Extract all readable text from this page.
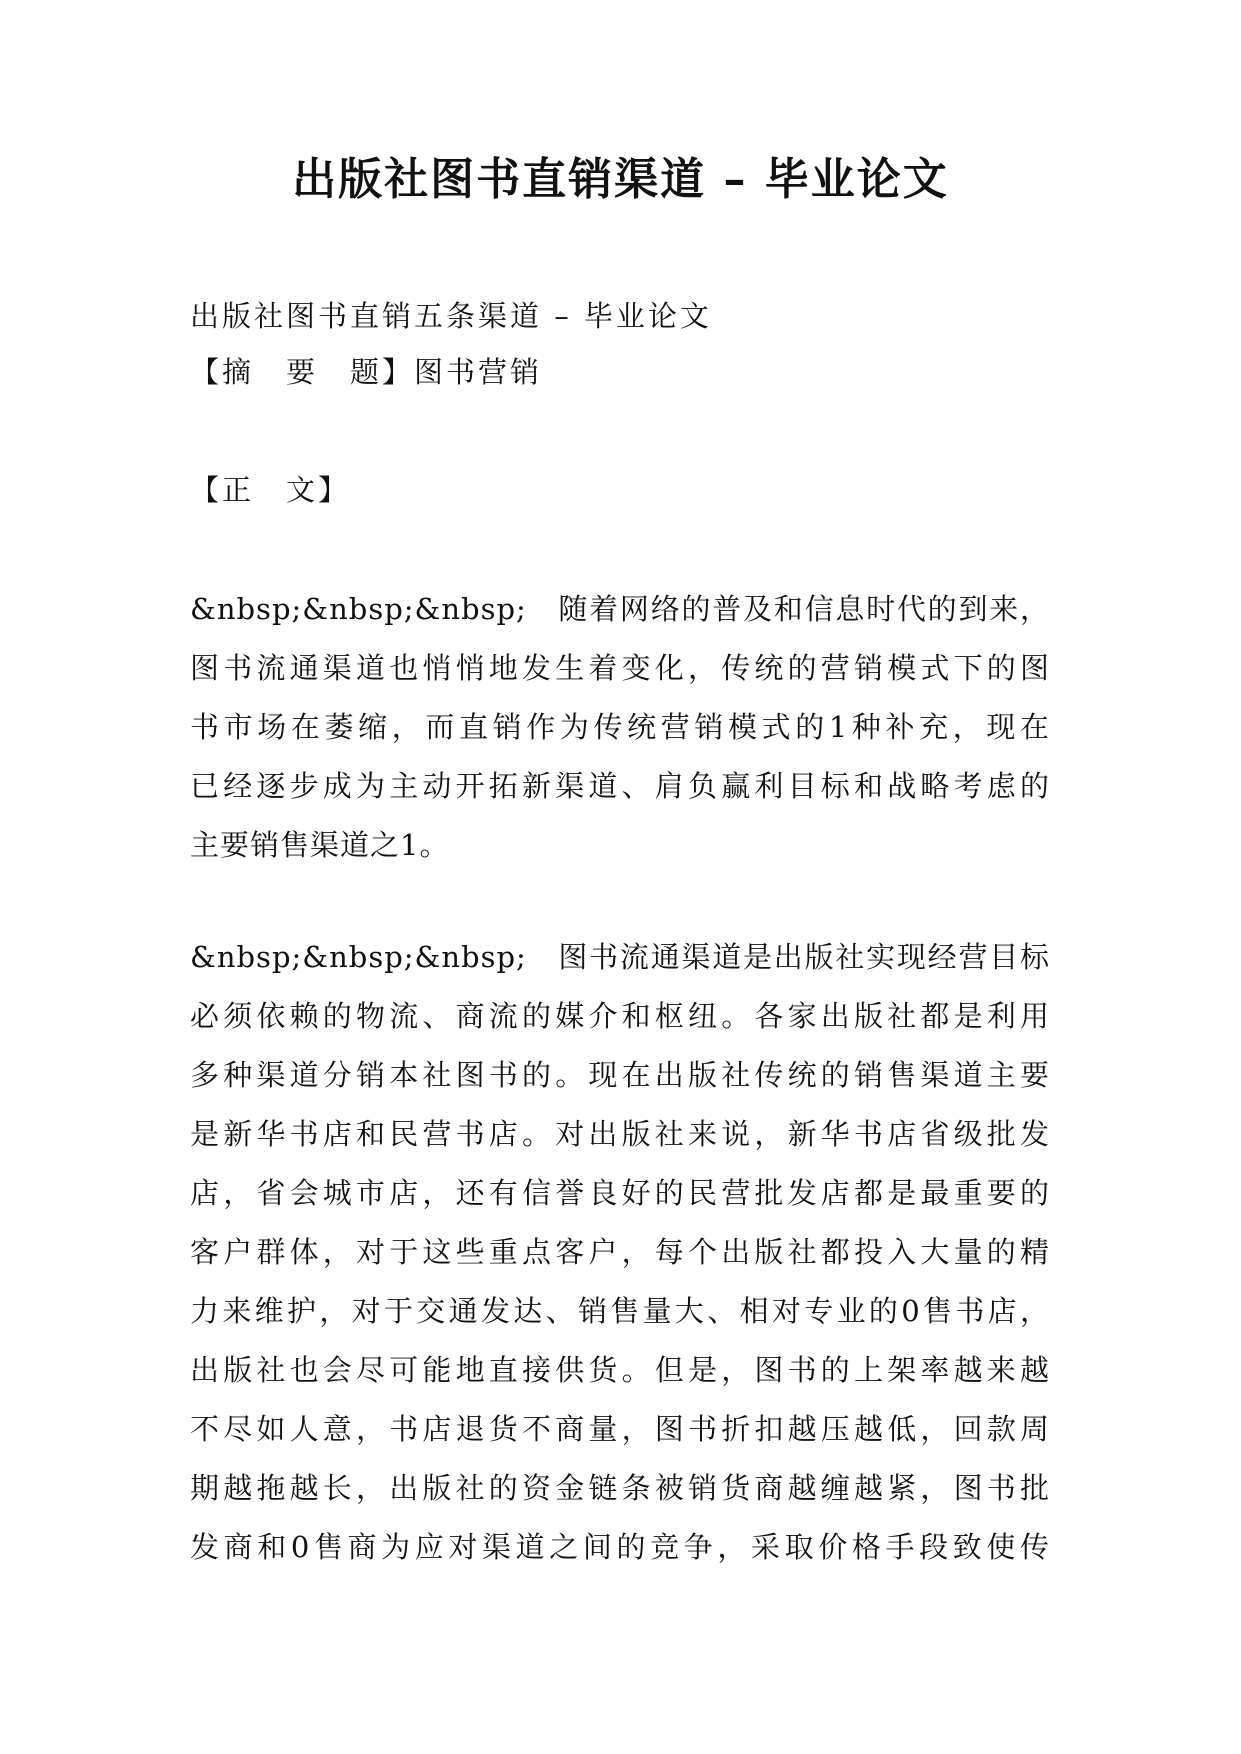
出版社图书直销渠道 – 毕业论文
出版社图书直销五条渠道 – 毕业论文
【摘　要　题】图书营销
【正　文】
&nbsp;&nbsp;&nbsp;　随着网络的普及和信息时代的到来，
图书流通渠道也悄悄地发生着变化，传统的营销模式下的图
书市场在萎缩，而直销作为传统营销模式的1种补充，现在
已经逐步成为主动开拓新渠道、肩负赢利目标和战略考虑的
主要销售渠道之1。
&nbsp;&nbsp;&nbsp;　图书流通渠道是出版社实现经营目标
必须依赖的物流、商流的媒介和枢纽。各家出版社都是利用
多种渠道分销本社图书的。现在出版社传统的销售渠道主要
是新华书店和民营书店。对出版社来说，新华书店省级批发
店，省会城市店，还有信誉良好的民营批发店都是最重要的
客户群体，对于这些重点客户，每个出版社都投入大量的精
力来维护，对于交通发达、销售量大、相对专业的0售书店，
出版社也会尽可能地直接供货。但是，图书的上架率越来越
不尽如人意，书店退货不商量，图书折扣越压越低，回款周
期越拖越长，出版社的资金链条被销货商越缠越紧，图书批
发商和0售商为应对渠道之间的竞争，采取价格手段致使传
